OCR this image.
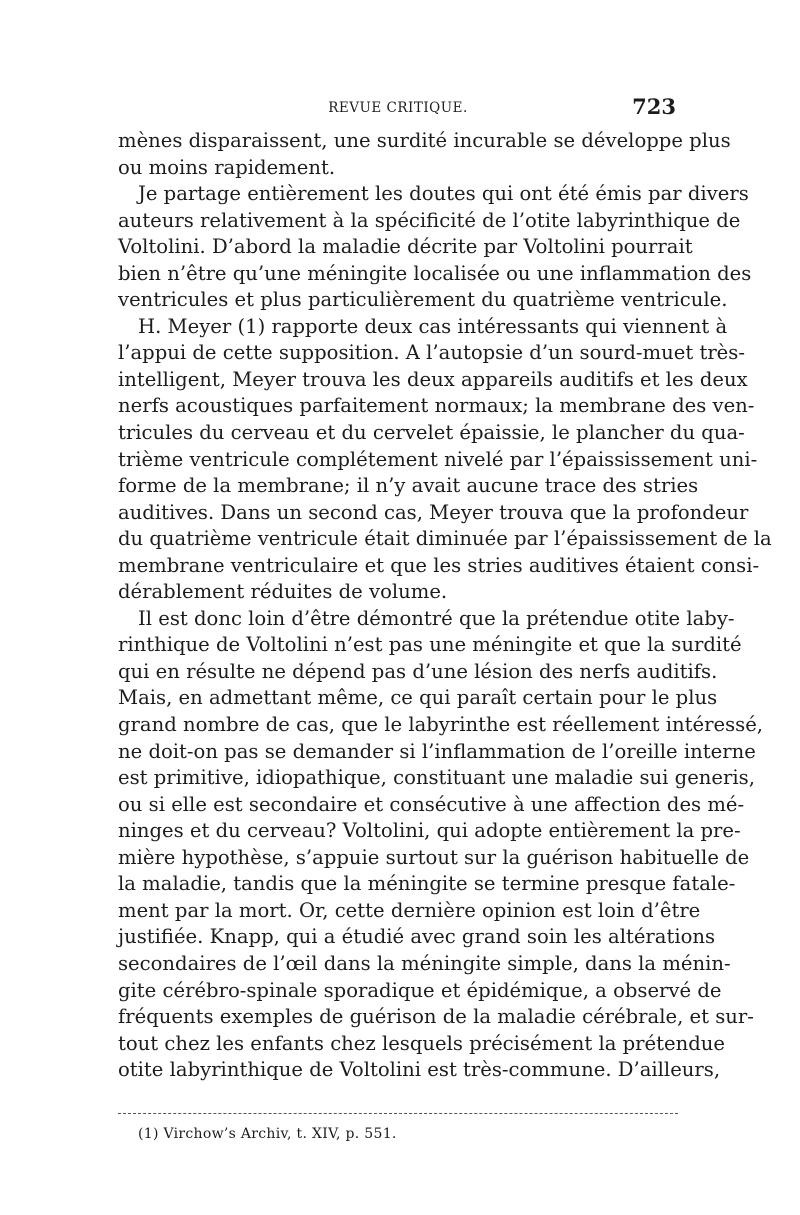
REVUE CRITIQUE.	723
mènes disparaissent, une surdité incurable se développe plus
ou moins rapidement.
Je partage entièrement les doutes qui ont été émis par divers
auteurs relativement à la spécificité de l’otite labyrinthique de
Voltolini. D’abord la maladie décrite par Voltolini pourrait
bien n’être qu’une méningite localisée ou une inflammation des
ventricules et plus particulièrement du quatrième ventricule.
H. Meyer (1) rapporte deux cas intéressants qui viennent à
l’appui de cette supposition. A l’autopsie d’un sourd-muet très-
intelligent, Meyer trouva les deux appareils auditifs et les deux
nerfs acoustiques parfaitement normaux; la membrane des ven-
tricules du cerveau et du cervelet épaissie, le plancher du qua-
trième ventricule complétement nivelé par l’épaississement uni-
forme de la membrane; il n’y avait aucune trace des stries
auditives. Dans un second cas, Meyer trouva que la profondeur
du quatrième ventricule était diminuée par l’épaississement de la
membrane ventriculaire et que les stries auditives étaient consi-
dérablement réduites de volume.
Il est donc loin d’être démontré que la prétendue otite laby-
rinthique de Voltolini n’est pas une méningite et que la surdité
qui en résulte ne dépend pas d’une lésion des nerfs auditifs.
Mais, en admettant même, ce qui paraît certain pour le plus
grand nombre de cas, que le labyrinthe est réellement intéressé,
ne doit-on pas se demander si l’inflammation de l’oreille interne
est primitive, idiopathique, constituant une maladie sui generis,
ou si elle est secondaire et consécutive à une affection des mé-
ninges et du cerveau? Voltolini, qui adopte entièrement la pre-
mière hypothèse, s’appuie surtout sur la guérison habituelle de
la maladie, tandis que la méningite se termine presque fatale-
ment par la mort. Or, cette dernière opinion est loin d’être
justifiée. Knapp, qui a étudié avec grand soin les altérations
secondaires de l’œil dans la méningite simple, dans la ménin-
gite cérébro-spinale sporadique et épidémique, a observé de
fréquents exemples de guérison de la maladie cérébrale, et sur-
tout chez les enfants chez lesquels précisément la prétendue
otite labyrinthique de Voltolini est très-commune. D’ailleurs,
(1) Virchow’s Archiv, t. XIV, p. 551.
